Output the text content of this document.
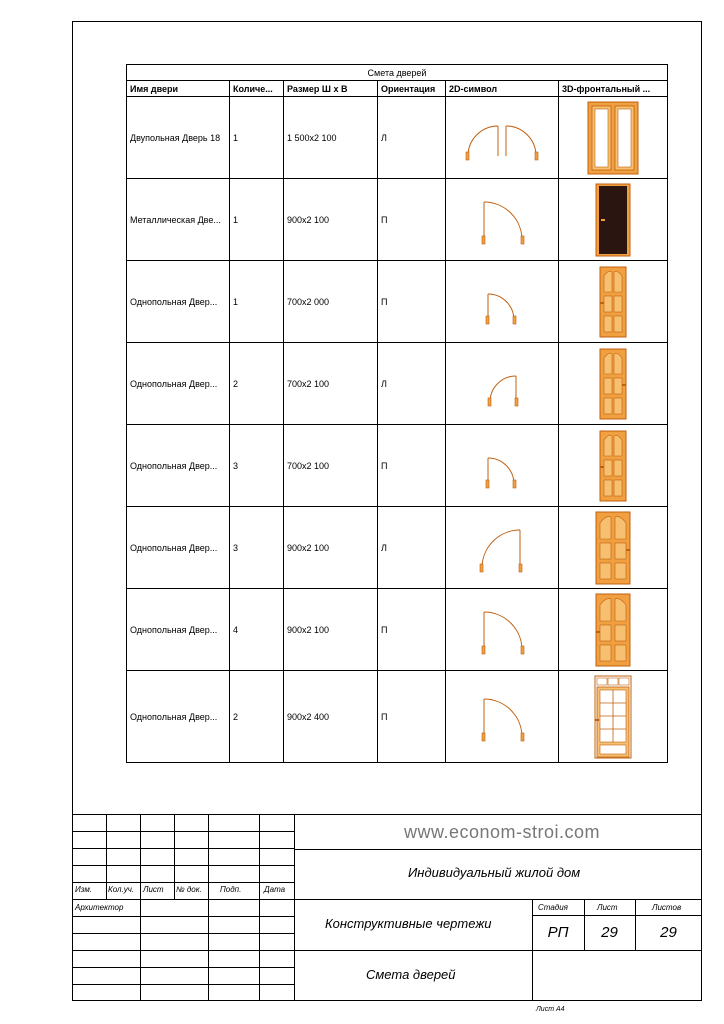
Смета дверей					
Имя двери	Количе...	Размер Ш x В	Ориентация	2D-символ	3D-фронтальный ...
Двупольная Дверь 18	1	1 500x2 100	Л	

Металлическая Две...	1	900x2 100	П	

Однопольная Двер...	1	700x2 000	П	

Однопольная Двер...	2	700x2 100	Л	

Однопольная Двер...	3	700x2 100	П	

Однопольная Двер...	3	900x2 100	Л	

Однопольная Двер...	4	900x2 100	П	

Однопольная Двер...	2	900x2 400	П	

www.econom-stroi.com
Индивидуальный жилой дом
Изм. Кол.уч. Лист № док. Подп.	Дата
Архитектор
Конструктивные чертежи
Смета дверей
Стадия	Лист	Листов
РП	29	29
Лист А4
